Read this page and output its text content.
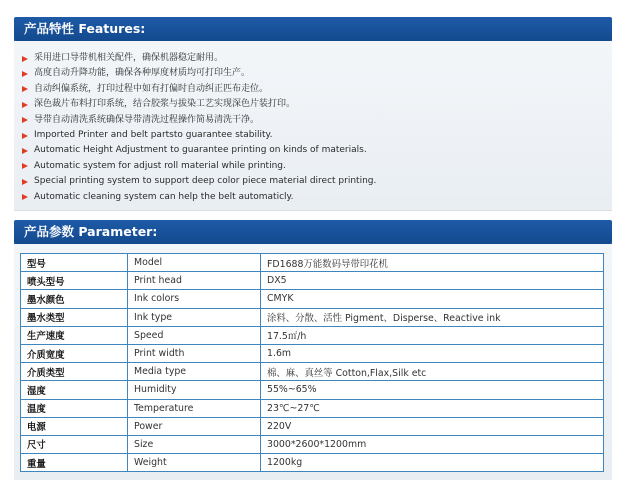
产品特性 Features:
采用进口导带机相关配件，确保机器稳定耐用。
高度自动升降功能，确保各种厚度材质均可打印生产。
自动纠偏系统，打印过程中如有打偏时自动纠正匹布走位。
深色裁片布料打印系统，结合胶浆与拔染工艺实现深色片装打印。
导带自动清洗系统确保导带清洗过程操作简易清洗干净。
Imported Printer and belt partsto guarantee stability.
Automatic Height Adjustment to guarantee printing on kinds of materials.
Automatic system for adjust roll material while printing.
Special printing system to support deep color piece material direct printing.
Automatic cleaning system can help the belt automaticly.
产品参数 Parameter:
型号	Model	FD1688万能数码导带印花机
喷头型号	Print head	DX5
墨水颜色	Ink colors	CMYK
墨水类型	Ink type	涂料、分散、活性 Pigment、Disperse、Reactive ink
生产速度	Speed	17.5㎡/h
介质宽度	Print width	1.6m
介质类型	Media type	棉、麻、真丝等 Cotton,Flax,Silk etc
湿度	Humidity	55%~65%
温度	Temperature	23℃~27℃
电源	Power	220V
尺寸	Size	3000*2600*1200mm
重量	Weight	1200kg
